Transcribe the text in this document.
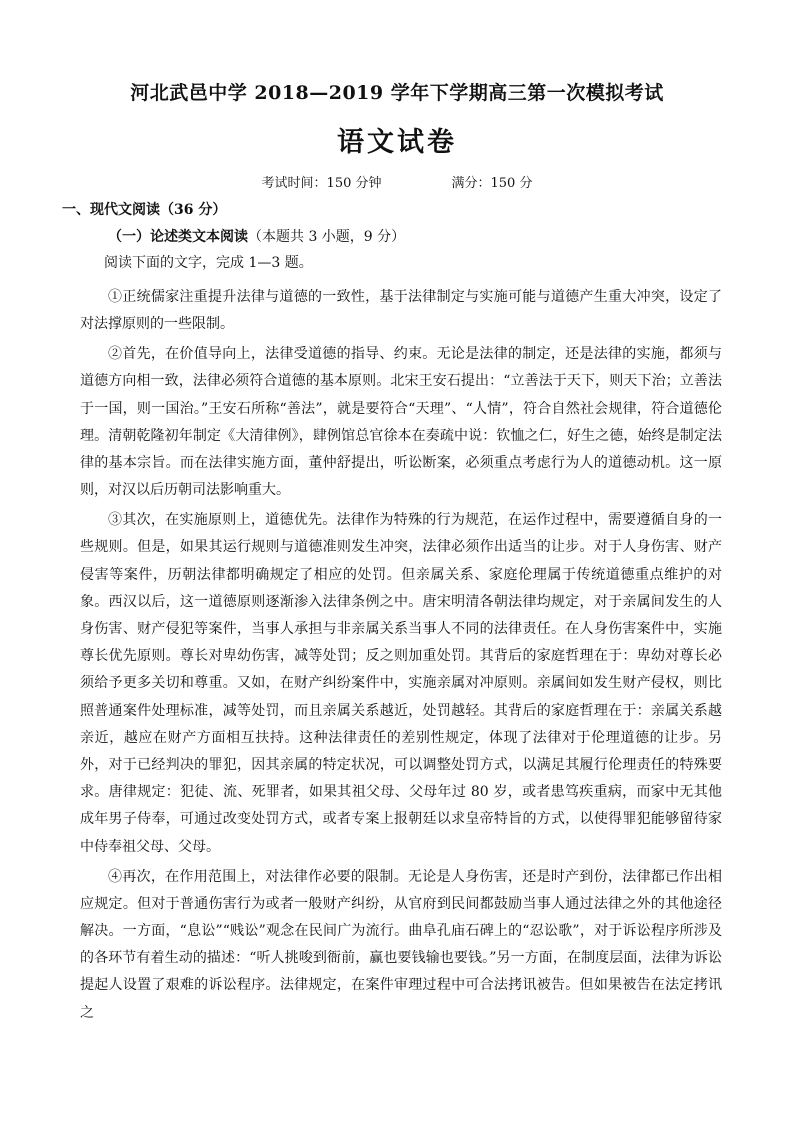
河北武邑中学 2018—2019 学年下学期高三第一次模拟考试
语文试卷
考试时间：150 分钟	满分：150 分
一、现代文阅读（36 分）
（一）论述类文本阅读（本题共 3 小题，9 分）
阅读下面的文字，完成 1—3 题。

①正统儒家注重提升法律与道德的一致性，基于法律制定与实施可能与道德产生重大冲突，设定了对法撑原则的一些限制。

②首先，在价值导向上，法律受道德的指导、约束。无论是法律的制定，还是法律的实施，都须与道德方向相一致，法律必须符合道德的基本原则。北宋王安石提出：“立善法于天下，则天下治；立善法于一国，则一国治。”王安石所称“善法”，就是要符合“天理”、“人情”，符合自然社会规律，符合道德伦理。清朝乾隆初年制定《大清律例》，肆例馆总官徐本在奏疏中说：钦恤之仁，好生之德，始终是制定法律的基本宗旨。而在法律实施方面，董仲舒提出，听讼断案，必须重点考虑行为人的道德动机。这一原则，对汉以后历朝司法影响重大。

③其次，在实施原则上，道德优先。法律作为特殊的行为规范，在运作过程中，需要遵循自身的一些规则。但是，如果其运行规则与道德准则发生冲突，法律必须作出适当的让步。对于人身伤害、财产侵害等案件，历朝法律都明确规定了相应的处罚。但亲属关系、家庭伦理属于传统道德重点维护的对象。西汉以后，这一道德原则逐渐渗入法律条例之中。唐宋明清各朝法律均规定，对于亲属间发生的人身伤害、财产侵犯等案件，当事人承担与非亲属关系当事人不同的法律责任。在人身伤害案件中，实施尊长优先原则。尊长对卑幼伤害，减等处罚；反之则加重处罚。其背后的家庭哲理在于：卑幼对尊长必须给予更多关切和尊重。又如，在财产纠纷案件中，实施亲属对冲原则。亲属间如发生财产侵权，则比照普通案件处理标准，减等处罚，而且亲属关系越近，处罚越轻。其背后的家庭哲理在于：亲属关系越亲近，越应在财产方面相互扶持。这种法律责任的差别性规定，体现了法律对于伦理道德的让步。另外，对于已经判决的罪犯，因其亲属的特定状况，可以调整处罚方式，以满足其履行伦理责任的特殊要求。唐律规定：犯徒、流、死罪者，如果其祖父母、父母年过 80 岁，或者患笃疾重病，而家中无其他成年男子侍奉，可通过改变处罚方式，或者专案上报朝廷以求皇帝特旨的方式，以使得罪犯能够留待家中侍奉祖父母、父母。

④再次，在作用范围上，对法律作必要的限制。无论是人身伤害，还是时产到份，法律都已作出相应规定。但对于普通伤害行为或者一般财产纠纷，从官府到民间都鼓励当事人通过法律之外的其他途径解决。一方面，“息讼”“贱讼”观念在民间广为流行。曲阜孔庙石碑上的“忍讼歌”，对于诉讼程序所涉及的各环节有着生动的描述：“听人挑唆到衙前，赢也要钱输也要钱。”另一方面，在制度层面，法律为诉讼提起人设置了艰难的诉讼程序。法律规定，在案件审理过程中可合法拷讯被告。但如果被告在法定拷讯之
